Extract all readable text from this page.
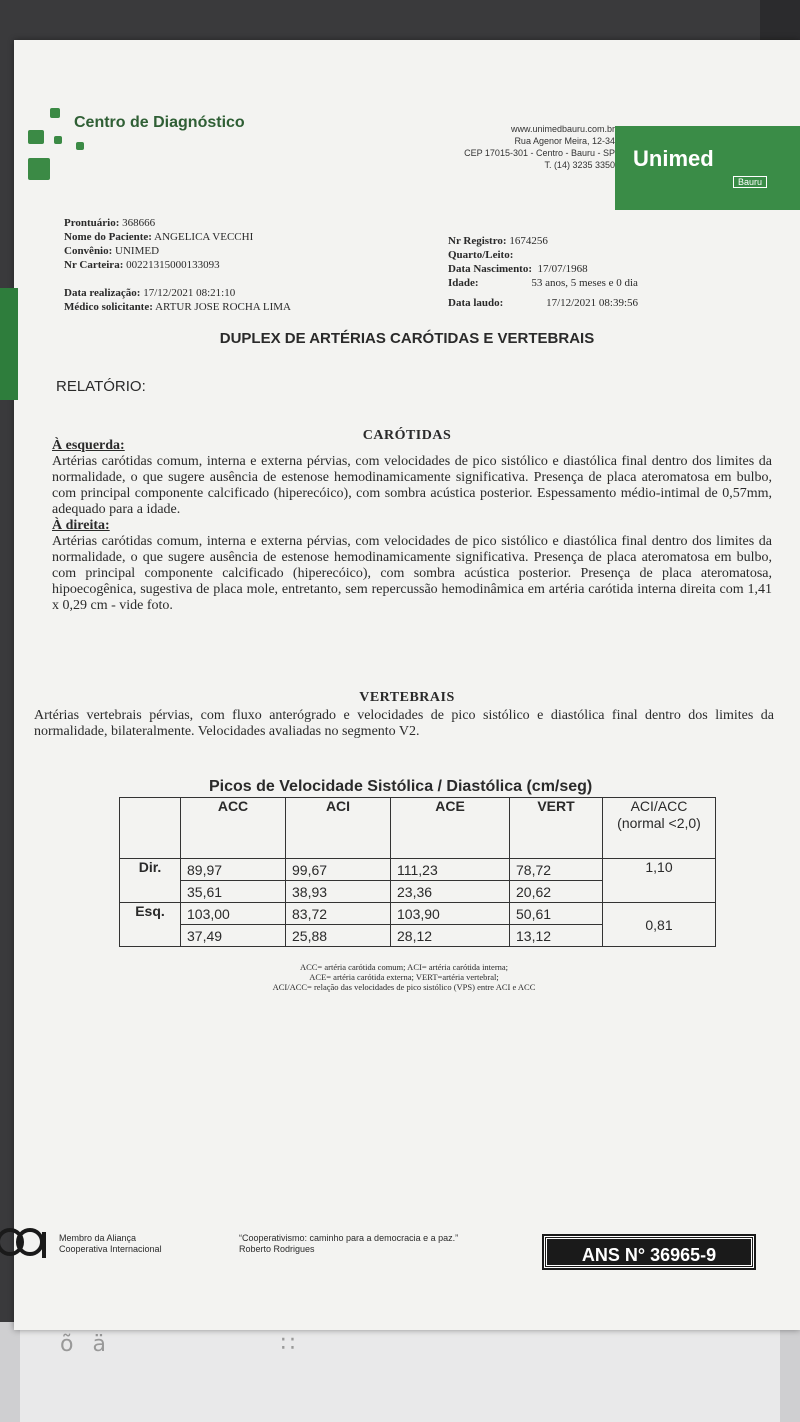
õ ä             ∷
Centro de Diagnóstico	www.unimedbauru.com.br
Rua Agenor Meira, 12-34
CEP 17015-301 - Centro - Bauru - SP
T. (14) 3235 3350 Unimed
Bauru
Prontuário: 368666
Nome do Paciente: ANGELICA VECCHI
Convênio: UNIMED
Nr Carteira: 00221315000133093
Data realização: 17/12/2021 08:21:10
Médico solicitante: ARTUR JOSE ROCHA LIMA
Nr Registro: 1674256
Quarto/Leito:
Data Nascimento: 17/07/1968
Idade:	53 anos, 5 meses e 0 dia
Data laudo:	17/12/2021 08:39:56
DUPLEX DE ARTÉRIAS CARÓTIDAS E VERTEBRAIS
RELATÓRIO:
CARÓTIDAS
À esquerda:
Artérias carótidas comum, interna e externa pérvias, com velocidades de pico sistólico e diastólica final dentro dos limites da normalidade, o que sugere ausência de estenose hemodinamicamente significativa. Presença de placa ateromatosa em bulbo, com principal componente calcificado (hiperecóico), com sombra acústica posterior. Espessamento médio-intimal de 0,57mm, adequado para a idade.
À direita:
Artérias carótidas comum, interna e externa pérvias, com velocidades de pico sistólico e diastólica final dentro dos limites da normalidade, o que sugere ausência de estenose hemodinamicamente significativa. Presença de placa ateromatosa em bulbo, com principal componente calcificado (hiperecóico), com sombra acústica posterior. Presença de placa ateromatosa, hipoecogênica, sugestiva de placa mole, entretanto, sem repercussão hemodinâmica em artéria carótida interna direita com 1,41 x 0,29 cm - vide foto.
VERTEBRAIS
Artérias vertebrais pérvias, com fluxo anterógrado e velocidades de pico sistólico e diastólica final dentro dos limites da normalidade, bilateralmente. Velocidades avaliadas no segmento V2.
Picos de Velocidade Sistólica / Diastólica (cm/seg)
	ACC	ACI	ACE	VERT	ACI/ACC (normal <2,0)
Dir.	89,97	99,67	111,23	78,72	1,10
	35,61	38,93	23,36	20,62	
Esq.	103,00	83,72	103,90	50,61	0,81
	37,49	25,88	28,12	13,12	
ACC= artéria carótida comum; ACI= artéria carótida interna;
ACE= artéria carótida externa; VERT=artéria vertebral;
ACI/ACC= relação das velocidades de pico sistólico (VPS) entre ACI e ACC
Membro da Aliança
Cooperativa Internacional
“Cooperativismo: caminho para a democracia e a paz.”
Roberto Rodrigues	ANS N° 36965-9
